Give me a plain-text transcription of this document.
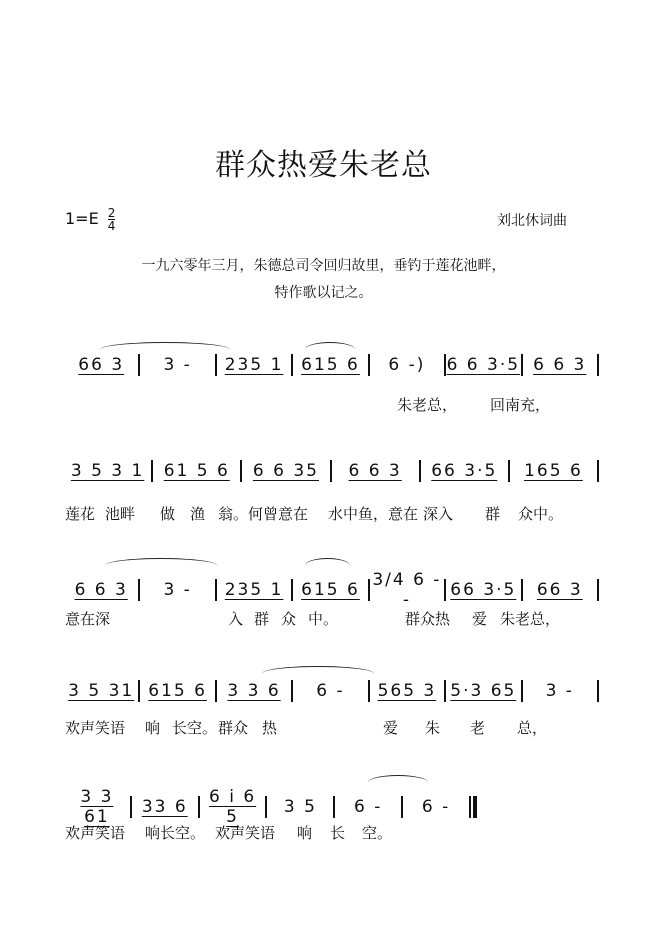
群众热爱朱老总
$1=E \frac{2}{4}$	刘北休词曲
一九六零年三月，朱德总司令回归故里，垂钓于莲花池畔，
特作歌以记之。
66 3	3 -	235 1	615 6	6 -)	6 6 3·5 6 6 3
朱老总， 回南充，
3 5 3 1	61 5 6	6 6 35	6 6 3	66 3·5	165 6
莲花 池畔 做 渔 翁。何曾意在 水中鱼，意在 深入 群 众中。
6 6 3	3 -	235 1	615 6 3/4 6 - -	66 3·5	66 3
意在深	入 群 众 中。	群众热 爱 朱老总，
3 5 31 615 6	3 3 6	6 -	565 3 5·3 65	3 -
欢声笑语 响 长空。 群众 热	爱 朱 老 总，
3 3 61	33 6	6 i 6 5	3 5	6 -	6 -
欢声笑语 响长空。 欢声笑语 响 长 空。
